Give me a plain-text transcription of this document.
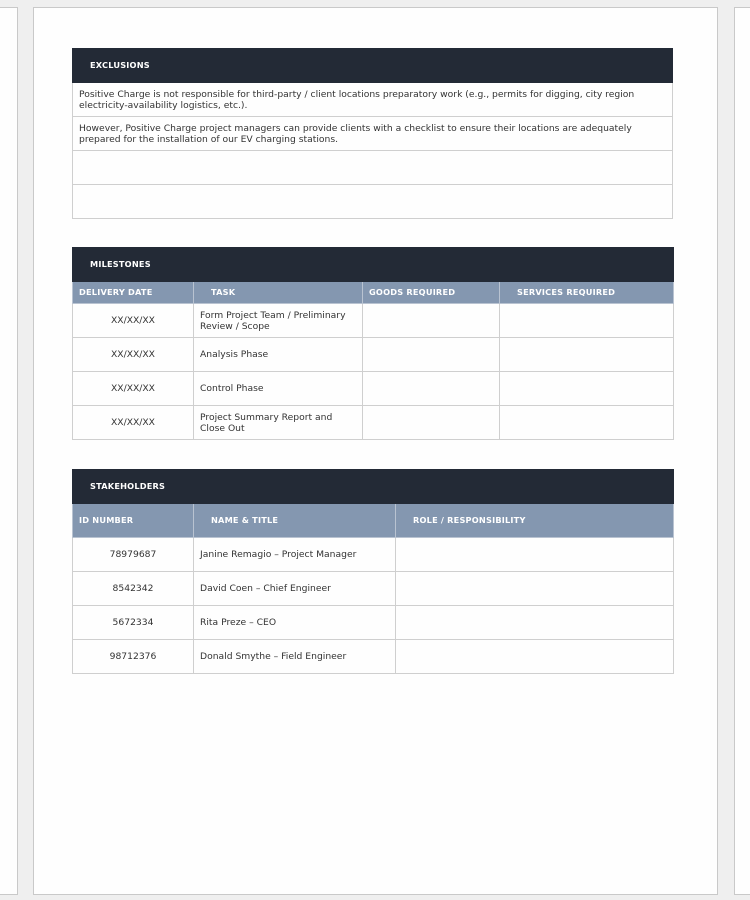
EXCLUSIONS
Positive Charge is not responsible for third-party / client locations preparatory work (e.g., permits for digging, city region electricity-availability logistics, etc.).
However, Positive Charge project managers can provide clients with a checklist to ensure their locations are adequately prepared for the installation of our EV charging stations.

MILESTONES			
DELIVERY DATE	TASK	GOODS REQUIRED	SERVICES REQUIRED
XX/XX/XX	Form Project Team / Preliminary Review / Scope		
XX/XX/XX	Analysis Phase		
XX/XX/XX	Control Phase		
XX/XX/XX	Project Summary Report and Close Out		
STAKEHOLDERS		
ID NUMBER	NAME & TITLE	ROLE / RESPONSIBILITY
78979687	Janine Remagio – Project Manager	
8542342	David Coen – Chief Engineer	
5672334	Rita Preze – CEO	
98712376	Donald Smythe – Field Engineer	
